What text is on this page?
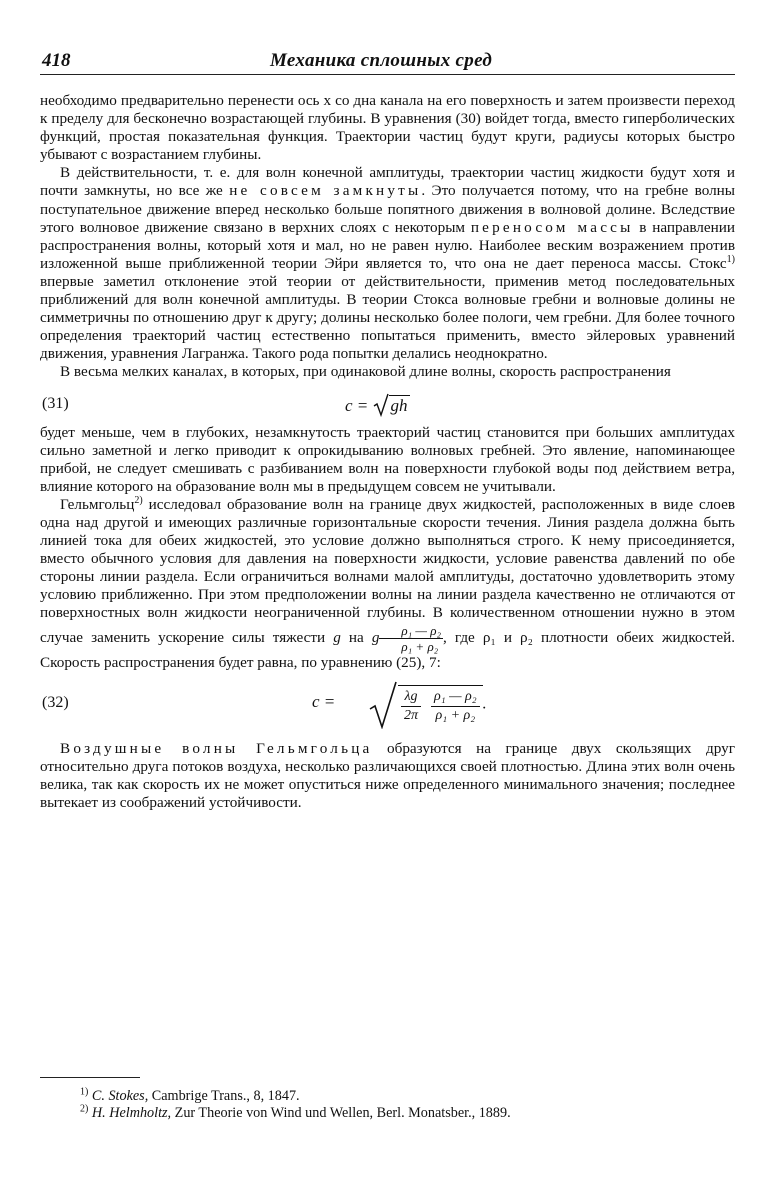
418	Механика сплошных сред

необходимо предварительно перенести ось x со дна канала на его поверхность и затем произвести переход к пределу для бесконечно возрастающей глубины. В уравнения (30) войдет тогда, вместо гиперболических функций, простая показательная функция. Траектории частиц будут круги, радиусы которых быстро убывают с возрастанием глубины.

В действительности, т. е. для волн конечной амплитуды, траектории частиц жидкости будут хотя и почти замкнуты, но все же не совсем замкнуты. Это получается потому, что на гребне волны поступательное движение вперед несколько больше попятного движения в волновой долине. Вследствие этого волновое движение связано в верхних слоях с некоторым переносом массы в направлении распространения волны, который хотя и мал, но не равен нулю. Наиболее веским возражением против изложенной выше приближенной теории Эйри является то, что она не дает переноса массы. Стокс$^{1)}$ впервые заметил отклонение этой теории от действительности, применив метод последовательных приближений для волн конечной амплитуды. В теории Стокса волновые гребни и волновые долины не симметричны по отношению друг к другу; долины несколько более пологи, чем гребни. Для более точного определения траекторий частиц естественно попытаться применить, вместо эйлеровых уравнений движения, уравнения Лагранжа. Такого рода попытки делались неоднократно.

В весьма мелких каналах, в которых, при одинаковой длине волны, скорость распространения

(31)	c = gh

будет меньше, чем в глубоких, незамкнутость траекторий частиц становится при больших амплитудах сильно заметной и легко приводит к опрокидыванию волновых гребней. Это явление, напоминающее прибой, не следует смешивать с разбиванием волн на поверхности глубокой воды под действием ветра, влияние которого на образование волн мы в предыдущем совсем не учитывали.

Гельмгольц$^{2)}$ исследовал образование волн на границе двух жидкостей, расположенных в виде слоев одна над другой и имеющих различные горизонтальные скорости течения. Линия раздела должна быть линией тока для обеих жидкостей, это условие должно выполняться строго. К нему присоединяется, вместо обычного условия для давления на поверхности жидкости, условие равенства давлений по обе стороны линии раздела. Если ограничиться волнами малой амплитуды, достаточно удовлетворить этому условию приближенно. При этом предположении волны на линии раздела качественно не отличаются от поверхностных волн жидкости неограниченной глубины. В количественном отношении нужно в этом случае заменить ускорение силы тяжести g на g $\frac{\text{ρ₁ — ρ₂}}{\text{ρ₁ + ρ₂}}$ , где ρ₁ и ρ₂ плотности обеих жидкостей. Скорость распространения будет равна, по уравнению (25), 7:

(32)	c =	$\frac{\lambda g}{2\pi}$
$\frac{\text{ρ₁ — ρ₂}}{\text{ρ₁ + ρ₂}}$ .

Воздушные волны Гельмгольца образуются на границе двух скользящих друг относительно друга потоков воздуха, несколько различающихся своей плотностью. Длина этих волн очень велика, так как скорость их не может опуститься ниже определенного минимального значения; последнее вытекает из соображений устойчивости.

$^{1)}$ C. Stokes, Cambrige Trans., 8, 1847.

$^{2)}$ H. Helmholtz, Zur Theorie von Wind und Wellen, Berl. Monatsber., 1889.
